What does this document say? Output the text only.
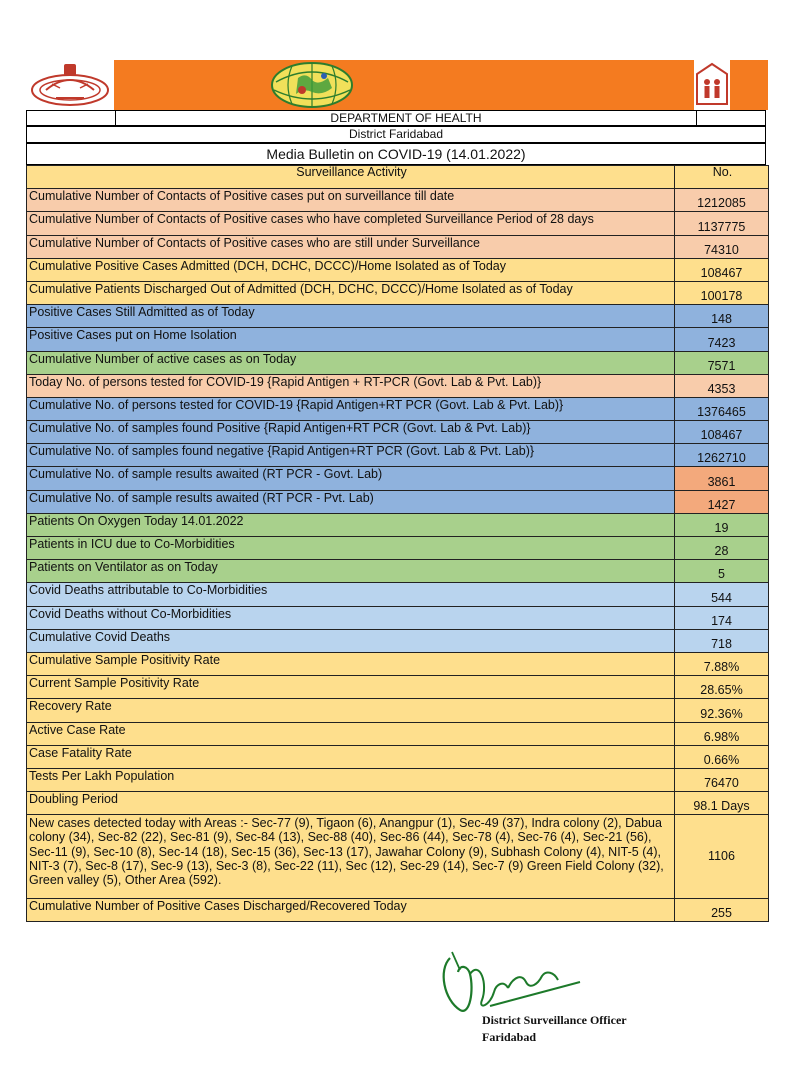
DEPARTMENT OF HEALTH
District Faridabad
Media Bulletin on COVID-19 (14.01.2022)
Surveillance Activity	No.
Cumulative Number of Contacts of Positive cases put on surveillance till date	1212085
Cumulative Number of Contacts of Positive cases who have completed Surveillance Period of 28 days	1137775
Cumulative Number of Contacts of Positive cases who are still under Surveillance	74310
Cumulative Positive Cases Admitted (DCH, DCHC, DCCC)/Home Isolated as of Today	108467
Cumulative Patients Discharged Out of Admitted (DCH, DCHC, DCCC)/Home Isolated as of Today	100178
Positive Cases Still Admitted as of Today	148
Positive Cases put on Home Isolation	7423
Cumulative Number of active cases as on Today	7571
Today No. of persons tested for COVID-19 {Rapid Antigen + RT-PCR (Govt. Lab & Pvt. Lab)}	4353
Cumulative No. of persons tested for COVID-19 {Rapid Antigen+RT PCR (Govt. Lab & Pvt. Lab)}	1376465
Cumulative No. of samples found Positive {Rapid Antigen+RT PCR (Govt. Lab & Pvt. Lab)}	108467
Cumulative No. of samples found negative {Rapid Antigen+RT PCR (Govt. Lab & Pvt. Lab)}	1262710
Cumulative No. of sample results awaited (RT PCR - Govt. Lab)	3861
Cumulative No. of sample results awaited (RT PCR - Pvt. Lab)	1427
Patients On Oxygen Today 14.01.2022	19
Patients in ICU due to Co-Morbidities	28
Patients on Ventilator as on Today	5
Covid Deaths attributable to Co-Morbidities	544
Covid Deaths without Co-Morbidities	174
Cumulative Covid Deaths	718
Cumulative Sample Positivity Rate	7.88%
Current Sample Positivity Rate	28.65%
Recovery Rate	92.36%
Active Case Rate	6.98%
Case Fatality Rate	0.66%
Tests Per Lakh Population	76470
Doubling Period	98.1 Days
New cases detected today with Areas :- Sec-77 (9), Tigaon (6), Anangpur (1), Sec-49 (37), Indra colony (2), Dabua colony (34), Sec-82 (22), Sec-81 (9), Sec-84 (13), Sec-88 (40), Sec-86 (44), Sec-78 (4), Sec-76 (4), Sec-21 (56), Sec-11 (9), Sec-10 (8), Sec-14 (18), Sec-15 (36), Sec-13 (17), Jawahar Colony (9), Subhash Colony (4), NIT-5 (4), NIT-3 (7), Sec-8 (17), Sec-9 (13), Sec-3 (8), Sec-22 (11), Sec (12), Sec-29 (14), Sec-7 (9) Green Field Colony (32), Green valley (5), Other Area (592).	1106
Cumulative Number of Positive Cases Discharged/Recovered Today	255
District Surveillance Officer
Faridabad
